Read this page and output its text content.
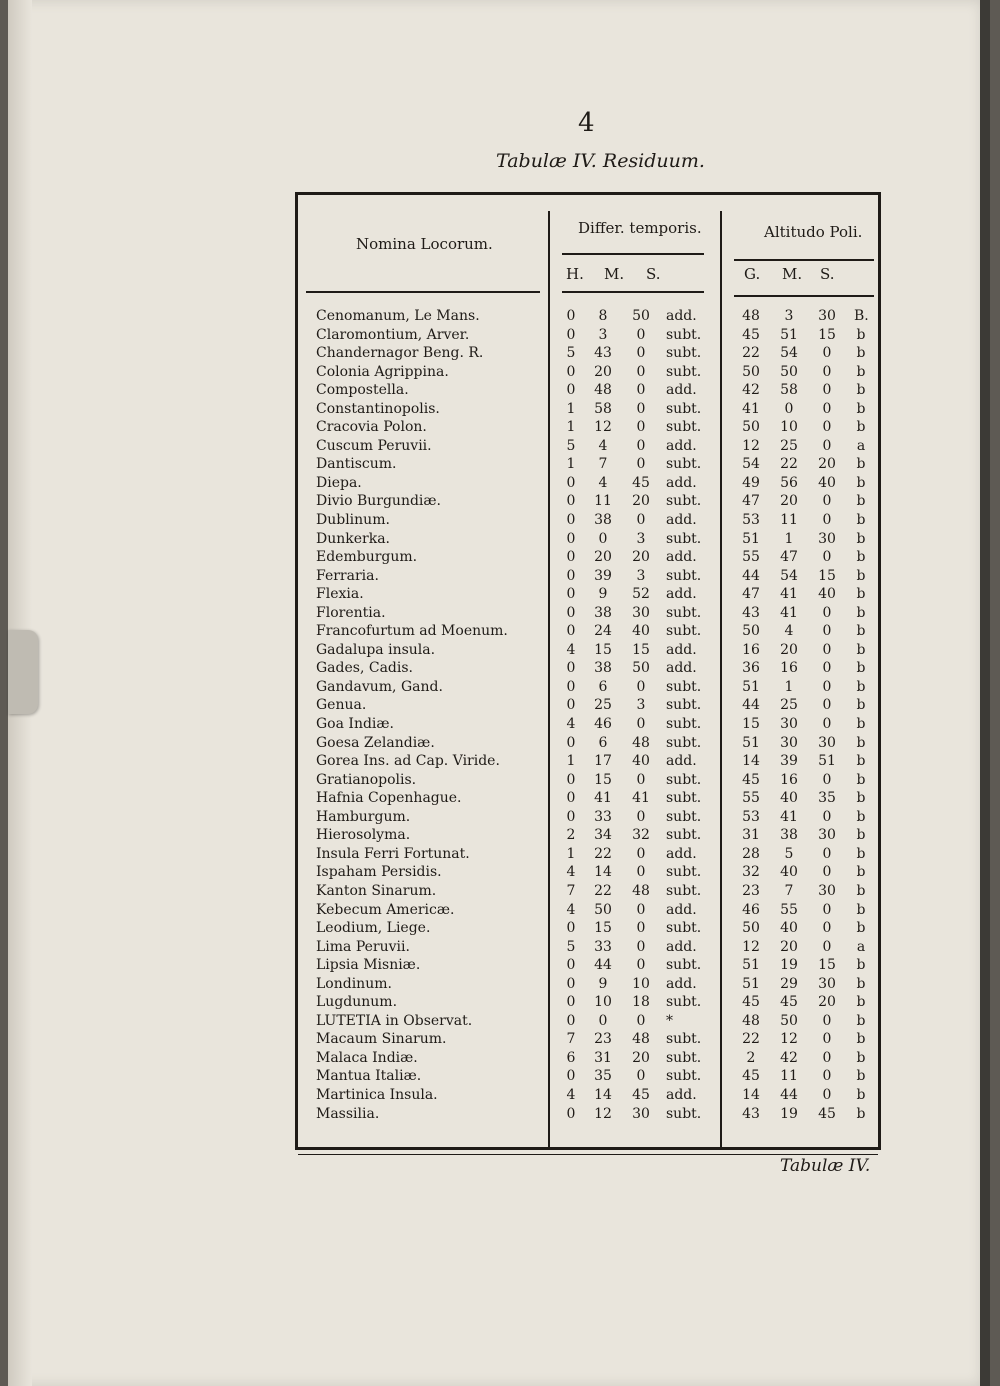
4
Tabulæ IV. Residuum.
Nomina Locorum.
Differ. temporis.	Altitudo Poli.
H. M. S.	G. M. S.
Cenomanum, Le Mans.	0	8	50 add.	48	3	30 B.
Claromontium, Arver.	0	3	0	subt.	45 51 15 b
Chandernagor Beng. R.	5 43	0	subt.	22 54	0	b
Colonia Agrippina.	0 20	0	subt.	50 50	0	b
Compostella.	0 48	0	add.	42 58	0	b
Constantinopolis.	1 58	0	subt.	41	0	0	b
Cracovia Polon.	1 12	0	subt.	50 10	0	b
Cuscum Peruvii.	5	4	0	add.	12 25	0	a
Dantiscum.	1	7	0	subt.	54 22 20 b
Diepa.	0	4	45 add.	49 56 40 b
Divio Burgundiæ.	0 11 20 subt.	47 20	0	b
Dublinum.	0 38	0	add.	53 11	0	b
Dunkerka.	0	0	3	subt.	51	1	30 b
Edemburgum.	0 20 20 add.	55 47	0	b
Ferraria.	0 39	3	subt.	44 54 15 b
Flexia.	0	9	52 add.	47 41 40 b
Florentia.	0 38 30 subt.	43 41	0	b
Francofurtum ad Moenum.	0 24 40 subt.	50	4	0	b
Gadalupa insula.	4 15 15 add.	16 20	0	b
Gades, Cadis.	0 38 50 add.	36 16	0	b
Gandavum, Gand.	0	6	0	subt.	51	1	0	b
Genua.	0 25	3	subt.	44 25	0	b
Goa Indiæ.	4 46	0	subt.	15 30	0	b
Goesa Zelandiæ.	0	6	48 subt.	51 30 30 b
Gorea Ins. ad Cap. Viride.	1 17 40 add.	14 39 51 b
Gratianopolis.	0 15	0	subt.	45 16	0	b
Hafnia Copenhague.	0 41 41 subt.	55 40 35 b
Hamburgum.	0 33	0	subt.	53 41	0	b
Hierosolyma.	2 34 32 subt.	31 38 30 b
Insula Ferri Fortunat.	1 22	0	add.	28	5	0	b
Ispaham Persidis.	4 14	0	subt.	32 40	0	b
Kanton Sinarum.	7 22 48 subt.	23	7	30 b
Kebecum Americæ.	4 50	0	add.	46 55	0	b
Leodium, Liege.	0 15	0	subt.	50 40	0	b
Lima Peruvii.	5 33	0	add.	12 20	0	a
Lipsia Misniæ.	0 44	0	subt.	51 19 15 b
Londinum.	0	9	10 add.	51 29 30 b
Lugdunum.	0 10 18 subt.	45 45 20 b
LUTETIA in Observat.	0	0	0	*	48 50	0	b
Macaum Sinarum.	7 23 48 subt.	22 12	0	b
Malaca Indiæ.	6 31 20 subt.	2	42	0	b
Mantua Italiæ.	0 35	0	subt.	45 11	0	b
Martinica Insula.	4 14 45 add.	14 44	0	b
Massilia.	0 12 30 subt.	43 19 45 b
Tabulæ IV.
